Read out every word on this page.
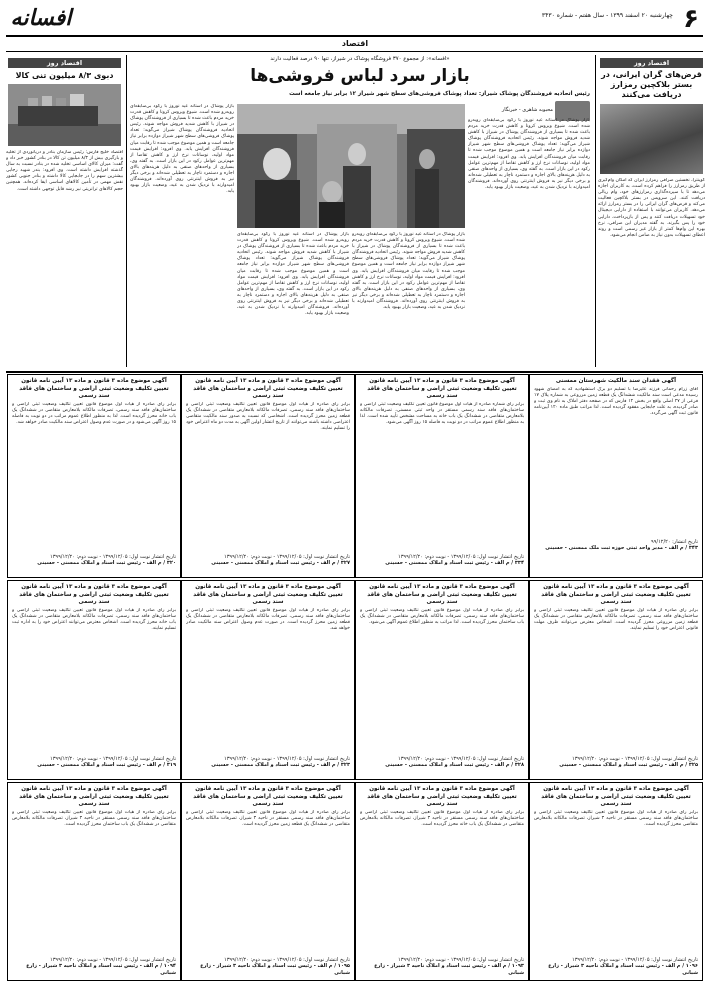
۶
چهارشنبه ۲۰ اسفند ۱۳۹۹ - سال هفتم - شماره ۳۴۳۰
افسانه
اقتصاد
اقتصاد روز
قرض‌های گران ایرانی، در بستر بلاکچین رمزارز دریافت می‌کنند
کوینترا، نخستین صرافی رمزارز ایران که امکان وام‌گیری از طریق رمزارز را فراهم کرده است، به کاربران اجازه می‌دهد تا با سپرده‌گذاری رمزارزهای خود، وام ریالی دریافت کنند. این سرویس در بستر بلاکچین فعالیت می‌کند و قرض‌های گران ایرانی را در بستر رمزارز ارائه می‌دهد. کاربران می‌توانند با استفاده از دارایی دیجیتال خود تسهیلات دریافت کنند و پس از بازپرداخت، دارایی خود را پس بگیرند. به گفته مدیران این صرافی، نرخ بهره این وام‌ها کمتر از بازار غیر رسمی است و روند اعطای تسهیلات بدون نیاز به ضامن انجام می‌شود.
«افسانه»: از مجموع ۳۷۰ فروشگاه پوشاک در شیراز، تنها ۹۰ درصد فعالیت دارند
بازار سرد لباس فروشی‌ها
رئیس اتحادیه فروشندگان پوشاک شیراز: تعداد پوشاک فروشی‌های سطح شهر شیراز ۱۲ برابر نیاز جامعه است
محبوبه شاهری - خبرنگار
بازار پوشاک در آستانه عید نوروز با رکود بی‌سابقه‌ای روبه‌رو شده است. شیوع ویروس کرونا و کاهش قدرت خرید مردم باعث شده تا بسیاری از فروشندگان پوشاک در شیراز با کاهش شدید فروش مواجه شوند. رئیس اتحادیه فروشندگان پوشاک شیراز می‌گوید: تعداد پوشاک فروشی‌های سطح شهر شیراز دوازده برابر نیاز جامعه است و همین موضوع موجب شده تا رقابت میان فروشندگان افزایش یابد. وی افزود: افزایش قیمت مواد اولیه، نوسانات نرخ ارز و کاهش تقاضا از مهم‌ترین عوامل رکود در این بازار است. به گفته وی، بسیاری از واحدهای صنفی به دلیل هزینه‌های بالای اجاره و دستمزد ناچار به تعطیلی شده‌اند و برخی دیگر نیز به فروش اینترنتی روی آورده‌اند. فروشندگان امیدوارند با نزدیک شدن به عید، وضعیت بازار بهبود یابد.
بازار پوشاک در آستانه عید نوروز با رکود بی‌سابقه‌ای روبه‌رو شده است. شیوع ویروس کرونا و کاهش قدرت خرید مردم باعث شده تا بسیاری از فروشندگان پوشاک در شیراز با کاهش شدید فروش مواجه شوند. رئیس اتحادیه فروشندگان پوشاک شیراز می‌گوید: تعداد پوشاک فروشی‌های سطح شهر شیراز دوازده برابر نیاز جامعه است و همین موضوع موجب شده تا رقابت میان فروشندگان افزایش یابد. وی افزود: افزایش قیمت مواد اولیه، نوسانات نرخ ارز و کاهش تقاضا از مهم‌ترین عوامل رکود در این بازار است. به گفته وی، بسیاری از واحدهای صنفی به دلیل هزینه‌های بالای اجاره و دستمزد ناچار به تعطیلی شده‌اند و برخی دیگر نیز به فروش اینترنتی روی آورده‌اند. فروشندگان امیدوارند با نزدیک شدن به عید، وضعیت بازار بهبود یابد.
بازار پوشاک در آستانه عید نوروز با رکود بی‌سابقه‌ای روبه‌رو شده است. شیوع ویروس کرونا و کاهش قدرت خرید مردم باعث شده تا بسیاری از فروشندگان پوشاک در شیراز با کاهش شدید فروش مواجه شوند. رئیس اتحادیه فروشندگان پوشاک شیراز می‌گوید: تعداد پوشاک فروشی‌های سطح شهر شیراز دوازده برابر نیاز جامعه است و همین موضوع موجب شده تا رقابت میان فروشندگان افزایش یابد. وی افزود: افزایش قیمت مواد اولیه، نوسانات نرخ ارز و کاهش تقاضا از مهم‌ترین عوامل رکود در این بازار است. به گفته وی، بسیاری از واحدهای صنفی به دلیل هزینه‌های بالای اجاره و دستمزد ناچار به تعطیلی شده‌اند و برخی دیگر نیز به فروش اینترنتی روی آورده‌اند. فروشندگان امیدوارند با نزدیک شدن به عید، وضعیت بازار بهبود یابد.
بازار پوشاک در آستانه عید نوروز با رکود بی‌سابقه‌ای روبه‌رو شده است. شیوع ویروس کرونا و کاهش قدرت خرید مردم باعث شده تا بسیاری از فروشندگان پوشاک در شیراز با کاهش شدید فروش مواجه شوند. رئیس اتحادیه فروشندگان پوشاک شیراز می‌گوید: تعداد پوشاک فروشی‌های سطح شهر شیراز دوازده برابر نیاز جامعه است و همین موضوع موجب شده تا رقابت میان فروشندگان افزایش یابد. وی افزود: افزایش قیمت مواد اولیه، نوسانات نرخ ارز و کاهش تقاضا از مهم‌ترین عوامل رکود در این بازار است. به گفته وی، بسیاری از واحدهای صنفی به دلیل هزینه‌های بالای اجاره و دستمزد ناچار به تعطیلی شده‌اند و برخی دیگر نیز به فروش اینترنتی روی آورده‌اند. فروشندگان امیدوارند با نزدیک شدن به عید، وضعیت بازار بهبود یابد.
اقتصاد روز
دبوی ۸/۳ میلیون تنی کالا
اقتصاد خلیج فارس: رئیس سازمان بنادر و دریانوردی از تخلیه و بارگیری بیش از ۸/۳ میلیون تن کالا در بنادر کشور خبر داد و گفت: میزان کالای اساسی تخلیه شده در بنادر نسبت به سال گذشته افزایش داشته است. وی افزود: بندر شهید رجایی بیشترین سهم را در جابجایی کالا داشته و بنادر جنوبی کشور نقش مهمی در تأمین کالاهای اساسی ایفا کرده‌اند. همچنین حجم کالاهای ترانزیتی نیز رشد قابل توجهی داشته است.
آگهی فقدان سند مالکیت شهرستان ممسنی
آقای زرام رحمانی فرزند علیرضا با تسلیم دو برگ استشهادیه که به امضای شهود رسیده مدعی است سند مالکیت ششدانگ یک قطعه زمین مزروعی به شماره پلاک ۱۷ فرعی از ۲۷ اصلی واقع در بخش ۱۲ فارس که در صفحه دفتر املاک به نام وی ثبت و صادر گردیده، به علت جابجایی مفقود گردیده است. لذا مراتب طبق ماده ۱۲۰ آیین‌نامه قانون ثبت آگهی می‌گردد.
تاریخ انتشار: ۹۹/۱۲/۲۰
۳۴۳ / م الف - مدیر واحد ثبتی حوزه ثبت ملک ممسنی - حسینی
آگهی موضوع ماده ۳ قانون و ماده ۱۳ آیین نامه قانون تعیین تکلیف وضعیت ثبتی اراضی و ساختمان های فاقد سند رسمی
برابر رأی شماره صادره از هیأت اول موضوع قانون تعیین تکلیف وضعیت ثبتی اراضی و ساختمان‌های فاقد سند رسمی مستقر در واحد ثبتی ممسنی، تصرفات مالکانه بلامعارض متقاضی در ششدانگ یک باب خانه به مساحت مشخص تأیید شده است. لذا به منظور اطلاع عموم مراتب در دو نوبت به فاصله ۱۵ روز آگهی می‌شود.
تاریخ انتشار نوبت اول: ۱۳۹۹/۱۲/۰۵ - نوبت دوم: ۱۳۹۹/۱۲/۲۰
۳۳۴ / م الف - رئیس ثبت اسناد و املاک ممسنی - حسینی
آگهی موضوع ماده ۳ قانون و ماده ۱۳ آیین نامه قانون تعیین تکلیف وضعیت ثبتی اراضی و ساختمان های فاقد سند رسمی
برابر رأی صادره از هیأت اول موضوع قانون تعیین تکلیف وضعیت ثبتی اراضی و ساختمان‌های فاقد سند رسمی، تصرفات مالکانه بلامعارض متقاضی در ششدانگ یک قطعه زمین محرز گردیده است. اشخاصی که نسبت به صدور سند مالکیت متقاضی اعتراضی داشته باشند می‌توانند از تاریخ انتشار اولین آگهی به مدت دو ماه اعتراض خود را تسلیم نمایند.
تاریخ انتشار نوبت اول: ۱۳۹۹/۱۲/۰۵ - نوبت دوم: ۱۳۹۹/۱۲/۲۰
۳۲۷ / م الف - رئیس ثبت اسناد و املاک ممسنی - حسینی
آگهی موضوع ماده ۳ قانون و ماده ۱۳ آیین نامه قانون تعیین تکلیف وضعیت ثبتی اراضی و ساختمان های فاقد سند رسمی
برابر رأی صادره از هیأت اول موضوع قانون تعیین تکلیف وضعیت ثبتی اراضی و ساختمان‌های فاقد سند رسمی، تصرفات مالکانه بلامعارض متقاضی در ششدانگ یک باب خانه محرز گردیده است. لذا به منظور اطلاع عموم مراتب در دو نوبت به فاصله ۱۵ روز آگهی می‌شود و در صورت عدم وصول اعتراض سند مالکیت صادر خواهد شد.
تاریخ انتشار نوبت اول: ۱۳۹۹/۱۲/۰۵ - نوبت دوم: ۱۳۹۹/۱۲/۲۰
۳۲۰ / م الف - رئیس ثبت اسناد و املاک ممسنی - حسینی
آگهی موضوع ماده ۳ قانون و ماده ۱۳ آیین نامه قانون تعیین تکلیف وضعیت ثبتی اراضی و ساختمان های فاقد سند رسمی
برابر رأی صادره از هیأت اول موضوع قانون تعیین تکلیف وضعیت ثبتی اراضی و ساختمان‌های فاقد سند رسمی، تصرفات مالکانه بلامعارض متقاضی در ششدانگ یک قطعه زمین مزروعی محرز گردیده است. اشخاص معترض می‌توانند ظرف مهلت قانونی اعتراض خود را تسلیم نمایند.
تاریخ انتشار نوبت اول: ۱۳۹۹/۱۲/۰۵ - نوبت دوم: ۱۳۹۹/۱۲/۲۰
۳۲۵ / م الف - رئیس ثبت اسناد و املاک ممسنی - حسینی
آگهی موضوع ماده ۳ قانون و ماده ۱۳ آیین نامه قانون تعیین تکلیف وضعیت ثبتی اراضی و ساختمان های فاقد سند رسمی
برابر رأی صادره از هیأت اول موضوع قانون تعیین تکلیف وضعیت ثبتی اراضی و ساختمان‌های فاقد سند رسمی، تصرفات مالکانه بلامعارض متقاضی در ششدانگ یک باب ساختمان محرز گردیده است. لذا مراتب به منظور اطلاع عموم آگهی می‌شود.
تاریخ انتشار نوبت اول: ۱۳۹۹/۱۲/۰۵ - نوبت دوم: ۱۳۹۹/۱۲/۲۰
۳۲۸ / م الف - رئیس ثبت اسناد و املاک ممسنی - حسینی
آگهی موضوع ماده ۳ قانون و ماده ۱۳ آیین نامه قانون تعیین تکلیف وضعیت ثبتی اراضی و ساختمان های فاقد سند رسمی
برابر رأی صادره از هیأت اول موضوع قانون تعیین تکلیف وضعیت ثبتی اراضی و ساختمان‌های فاقد سند رسمی، تصرفات مالکانه بلامعارض متقاضی در ششدانگ یک قطعه زمین محرز گردیده است. در صورت عدم وصول اعتراض سند مالکیت صادر خواهد شد.
تاریخ انتشار نوبت اول: ۱۳۹۹/۱۲/۰۵ - نوبت دوم: ۱۳۹۹/۱۲/۲۰
۳۲۳ / م الف - رئیس ثبت اسناد و املاک ممسنی - حسینی
آگهی موضوع ماده ۳ قانون و ماده ۱۳ آیین نامه قانون تعیین تکلیف وضعیت ثبتی اراضی و ساختمان های فاقد سند رسمی
برابر رأی صادره از هیأت اول موضوع قانون تعیین تکلیف وضعیت ثبتی اراضی و ساختمان‌های فاقد سند رسمی، تصرفات مالکانه بلامعارض متقاضی در ششدانگ یک باب خانه محرز گردیده است. اشخاص معترض می‌توانند اعتراض خود را به اداره ثبت تسلیم نمایند.
تاریخ انتشار نوبت اول: ۱۳۹۹/۱۲/۰۵ - نوبت دوم: ۱۳۹۹/۱۲/۲۰
۳۱۹ / م الف - رئیس ثبت اسناد و املاک ممسنی - حسینی
آگهی موضوع ماده ۳ قانون و ماده ۱۳ آیین نامه قانون تعیین تکلیف وضعیت ثبتی اراضی و ساختمان های فاقد سند رسمی
برابر رأی صادره از هیأت اول موضوع قانون تعیین تکلیف وضعیت ثبتی اراضی و ساختمان‌های فاقد سند رسمی مستقر در ناحیه ۳ شیراز، تصرفات مالکانه بلامعارض متقاضی محرز گردیده است.
تاریخ انتشار نوبت اول: ۱۳۹۹/۱۲/۰۵ - نوبت دوم: ۱۳۹۹/۱۲/۲۰
۱۰۹۶ / م الف - رئیس ثبت اسناد و املاک ناحیه ۳ شیراز - زارع شبانی
آگهی موضوع ماده ۳ قانون و ماده ۱۳ آیین نامه قانون تعیین تکلیف وضعیت ثبتی اراضی و ساختمان های فاقد سند رسمی
برابر رأی صادره از هیأت اول موضوع قانون تعیین تکلیف وضعیت ثبتی اراضی و ساختمان‌های فاقد سند رسمی مستقر در ناحیه ۳ شیراز، تصرفات مالکانه بلامعارض متقاضی در ششدانگ یک باب خانه محرز گردیده است.
تاریخ انتشار نوبت اول: ۱۳۹۹/۱۲/۰۵ - نوبت دوم: ۱۳۹۹/۱۲/۲۰
۱۰۹۳ / م الف - رئیس ثبت اسناد و املاک ناحیه ۳ شیراز - زارع شبانی
آگهی موضوع ماده ۳ قانون و ماده ۱۳ آیین نامه قانون تعیین تکلیف وضعیت ثبتی اراضی و ساختمان های فاقد سند رسمی
برابر رأی صادره از هیأت اول موضوع قانون تعیین تکلیف وضعیت ثبتی اراضی و ساختمان‌های فاقد سند رسمی مستقر در ناحیه ۳ شیراز، تصرفات مالکانه بلامعارض متقاضی در ششدانگ یک قطعه زمین محرز گردیده است.
تاریخ انتشار نوبت اول: ۱۳۹۹/۱۲/۰۵ - نوبت دوم: ۱۳۹۹/۱۲/۲۰
۱۰۹۵ / م الف - رئیس ثبت اسناد و املاک ناحیه ۳ شیراز - زارع شبانی
آگهی موضوع ماده ۳ قانون و ماده ۱۳ آیین نامه قانون تعیین تکلیف وضعیت ثبتی اراضی و ساختمان های فاقد سند رسمی
برابر رأی صادره از هیأت اول موضوع قانون تعیین تکلیف وضعیت ثبتی اراضی و ساختمان‌های فاقد سند رسمی مستقر در ناحیه ۳ شیراز، تصرفات مالکانه بلامعارض متقاضی در ششدانگ یک باب ساختمان محرز گردیده است.
تاریخ انتشار نوبت اول: ۱۳۹۹/۱۲/۰۵ - نوبت دوم: ۱۳۹۹/۱۲/۲۰
۱۰۹۴ / م الف - رئیس ثبت اسناد و املاک ناحیه ۳ شیراز - زارع شبانی
